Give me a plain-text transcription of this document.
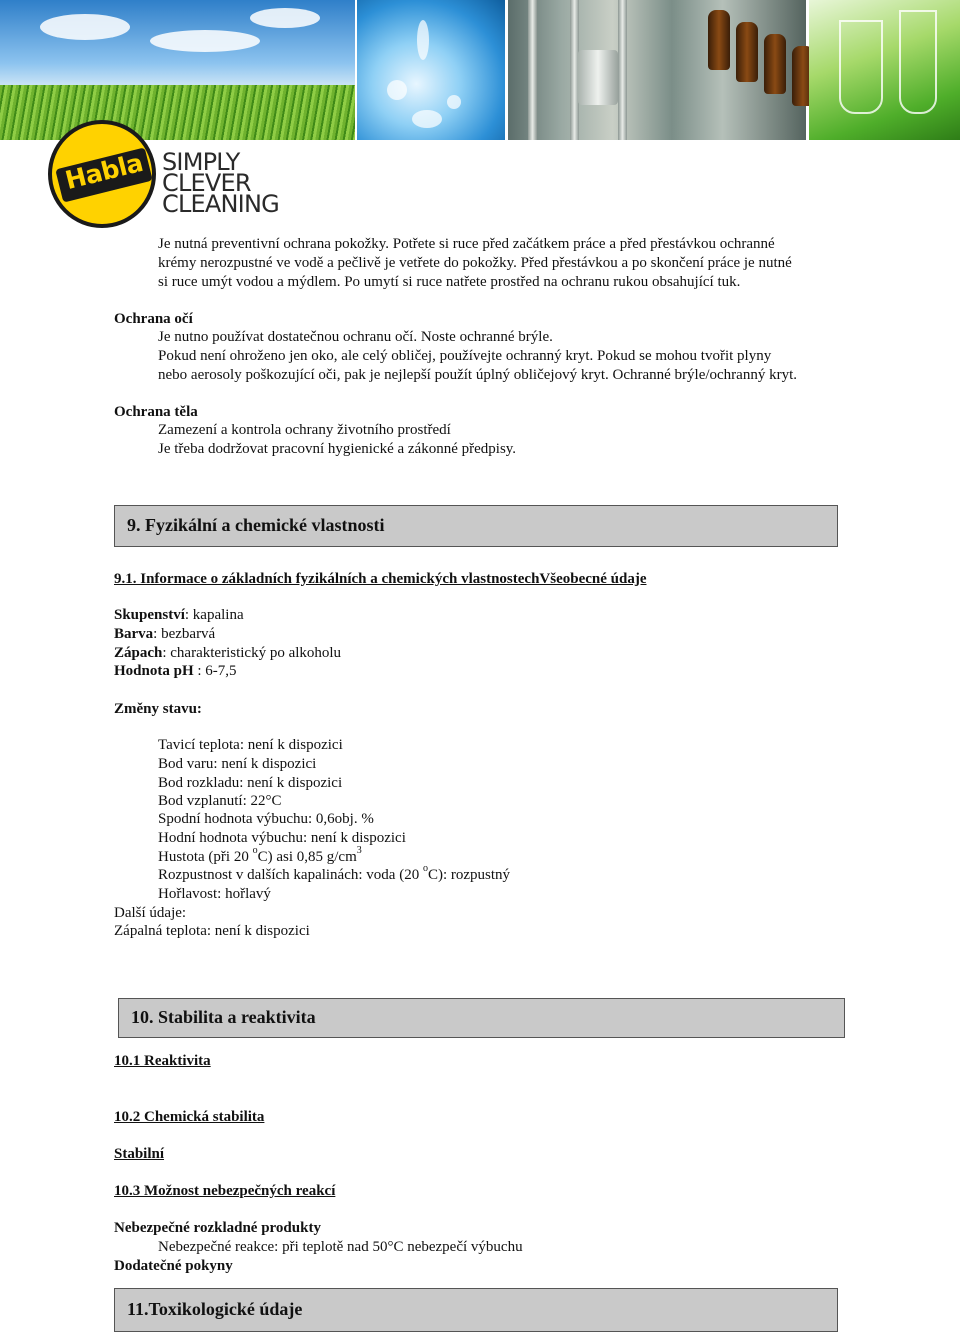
Habla SIMPLY
CLEVER
CLEANING
Je nutná preventivní ochrana pokožky. Potřete si ruce před začátkem práce a před přestávkou ochranné
krémy nerozpustné ve vodě a pečlivě je vetřete do pokožky. Před přestávkou a po skončení práce je nutné
si ruce umýt vodou a mýdlem. Po umytí si ruce natřete prostřed na ochranu rukou obsahující tuk.
Ochrana očí
Je nutno používat dostatečnou ochranu očí. Noste ochranné brýle.
Pokud není ohroženo jen oko, ale celý obličej, používejte ochranný kryt. Pokud se mohou tvořit plyny
nebo aerosoly poškozující oči, pak je nejlepší použít úplný obličejový kryt. Ochranné brýle/ochranný kryt.
Ochrana těla
Zamezení a kontrola ochrany životního prostředí
Je třeba dodržovat pracovní hygienické a zákonné předpisy.
9. Fyzikální a chemické vlastnosti
9.1. Informace o základních fyzikálních a chemických vlastnostechVšeobecné údaje
Skupenství: kapalina
Barva: bezbarvá
Zápach: charakteristický po alkoholu
Hodnota pH : 6-7,5
Změny stavu:
Tavicí teplota: není k dispozici
Bod varu: není k dispozici
Bod rozkladu: není k dispozici
Bod vzplanutí: 22°C
Spodní hodnota výbuchu: 0,6obj. %
Hodní hodnota výbuchu: není k dispozici
Hustota (při 20 $^o$C) asi 0,85 $g/cm^3$
Rozpustnost v dalších kapalinách: voda (20 $^o$C): rozpustný
Hořlavost: hořlavý
Další údaje:
Zápalná teplota: není k dispozici
10. Stabilita a reaktivita
10.1 Reaktivita
10.2 Chemická stabilita
Stabilní
10.3 Možnost nebezpečných reakcí
Nebezpečné rozkladné produkty
Nebezpečné reakce: při teplotě nad 50°C nebezpečí výbuchu
Dodatečné pokyny
11.Toxikologické údaje
